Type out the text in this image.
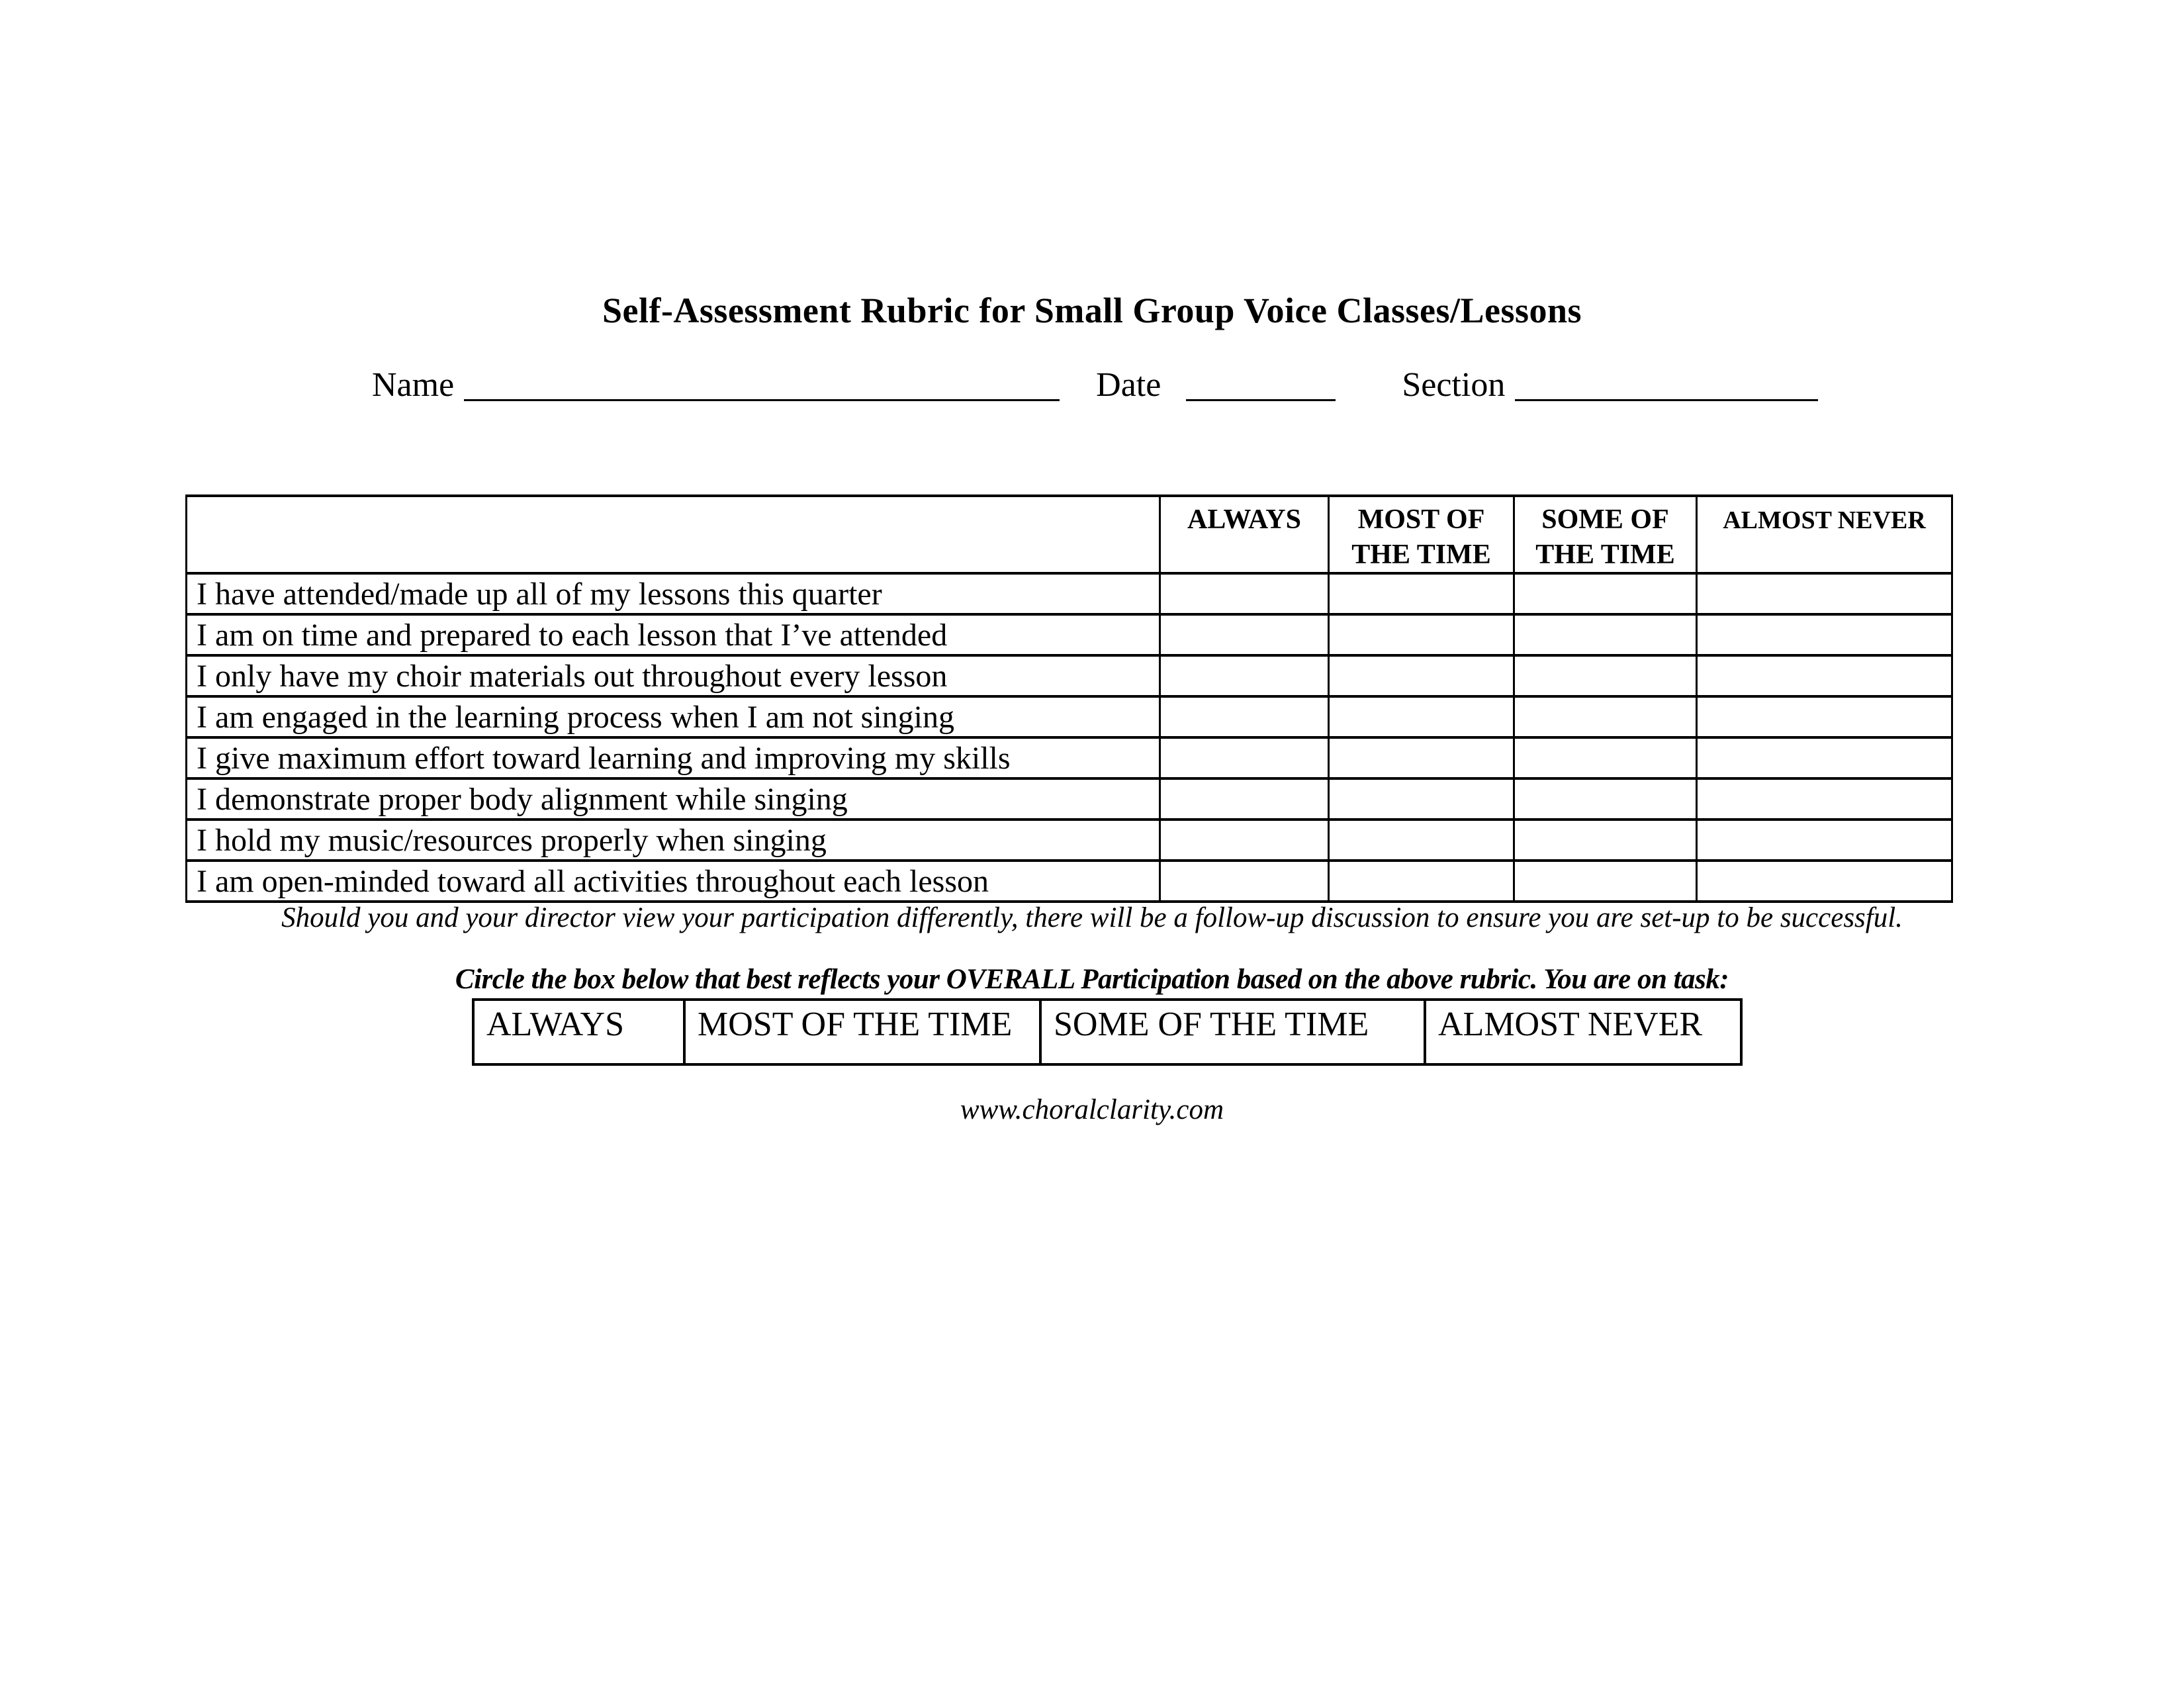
Self-Assessment Rubric for Small Group Voice Classes/Lessons
Name	Date	Section
	ALWAYS	MOST OF THE TIME	SOME OF THE TIME	ALMOST NEVER
I have attended/made up all of my lessons this quarter				
I am on time and prepared to each lesson that I’ve attended				
I only have my choir materials out throughout every lesson				
I am engaged in the learning process when I am not singing				
I give maximum effort toward learning and improving my skills				
I demonstrate proper body alignment while singing				
I hold my music/resources properly when singing				
I am open-minded toward all activities throughout each lesson				
Should you and your director view your participation differently, there will be a follow-up discussion to ensure you are set-up to be successful.
Circle the box below that best reflects your OVERALL Participation based on the above rubric. You are on task:
ALWAYS	MOST OF THE TIME	SOME OF THE TIME	ALMOST NEVER
www.choralclarity.com
